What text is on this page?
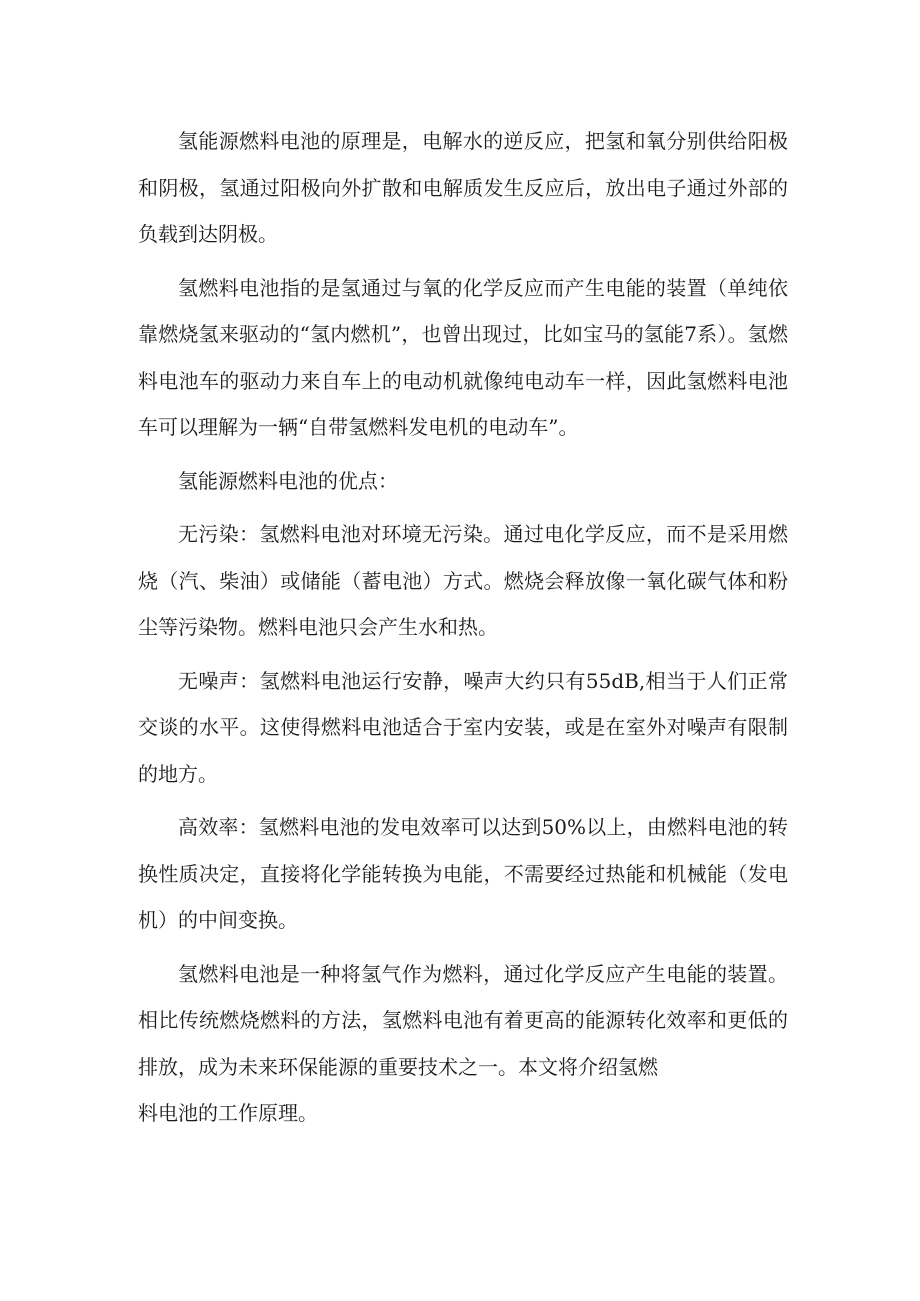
氢能源燃料电池的原理是，电解水的逆反应，把氢和氧分别供给阳极和阴极，氢通过阳极向外扩散和电解质发生反应后，放出电子通过外部的负载到达阴极。

氢燃料电池指的是氢通过与氧的化学反应而产生电能的装置（单纯依靠燃烧氢来驱动的“氢内燃机”，也曾出现过，比如宝马的氢能7系）。氢燃料电池车的驱动力来自车上的电动机就像纯电动车一样，因此氢燃料电池车可以理解为一辆“自带氢燃料发电机的电动车”。

氢能源燃料电池的优点：

无污染：氢燃料电池对环境无污染。通过电化学反应，而不是采用燃烧（汽、柴油）或储能（蓄电池）方式。燃烧会释放像一氧化碳气体和粉尘等污染物。燃料电池只会产生水和热。

无噪声：氢燃料电池运行安静，噪声大约只有55dB,相当于人们正常交谈的水平。这使得燃料电池适合于室内安装，或是在室外对噪声有限制的地方。

高效率：氢燃料电池的发电效率可以达到50%以上，由燃料电池的转换性质决定，直接将化学能转换为电能，不需要经过热能和机械能（发电机）的中间变换。

氢燃料电池是一种将氢气作为燃料，通过化学反应产生电能的装置。相比传统燃烧燃料的方法，氢燃料电池有着更高的能源转化效率和更低的排放，成为未来环保能源的重要技术之一。本文将介绍氢燃

料电池的工作原理。
